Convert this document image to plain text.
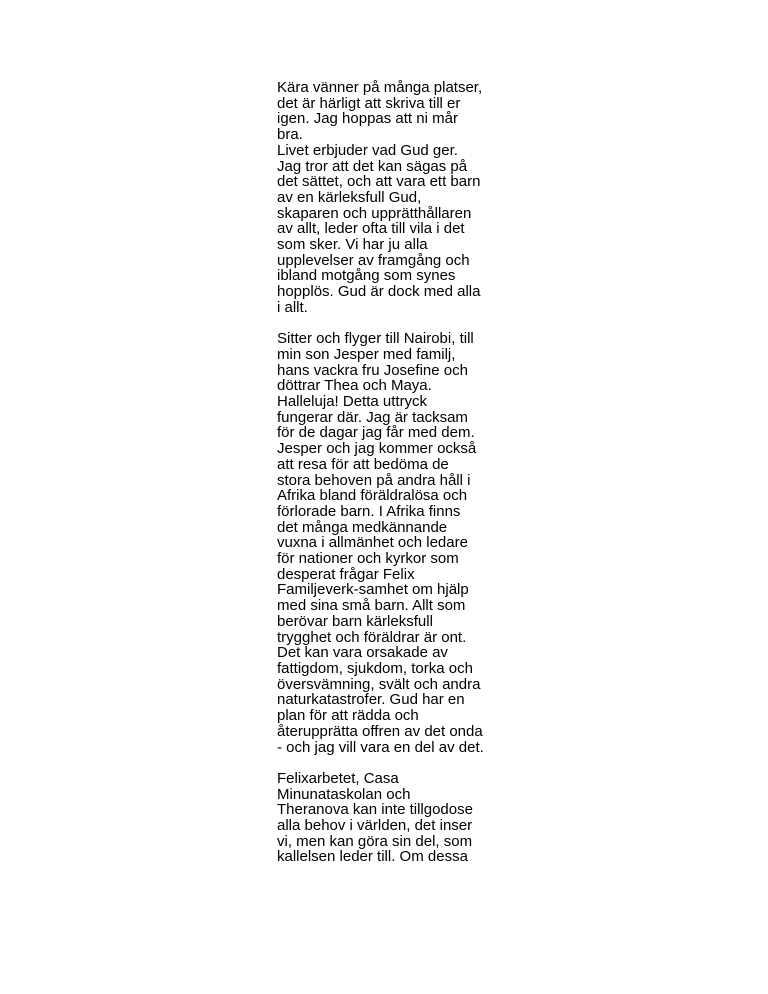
Kära vänner på många platser,
det är härligt att skriva till er
igen. Jag hoppas att ni mår
bra.
Livet erbjuder vad Gud ger.
Jag tror att det kan sägas på
det sättet, och att vara ett barn
av en kärleksfull Gud,
skaparen och upprätthållaren
av allt, leder ofta till vila i det
som sker. Vi har ju alla
upplevelser av framgång och
ibland motgång som synes
hopplös. Gud är dock med alla
i allt.

Sitter och flyger till Nairobi, till
min son Jesper med familj,
hans vackra fru Josefine och
döttrar Thea och Maya.
Halleluja! Detta uttryck
fungerar där. Jag är tacksam
för de dagar jag får med dem.
Jesper och jag kommer också
att resa för att bedöma de
stora behoven på andra håll i
Afrika bland föräldralösa och
förlorade barn. I Afrika finns
det många medkännande
vuxna i allmänhet och ledare
för nationer och kyrkor som
desperat frågar Felix
Familjeverk-samhet om hjälp
med sina små barn. Allt som
berövar barn kärleksfull
trygghet och föräldrar är ont.
Det kan vara orsakade av
fattigdom, sjukdom, torka och
översvämning, svält och andra
naturkatastrofer. Gud har en
plan för att rädda och
återupprätta offren av det onda
- och jag vill vara en del av det.

Felixarbetet, Casa
Minunataskolan och
Theranova kan inte tillgodose
alla behov i världen, det inser
vi, men kan göra sin del, som
kallelsen leder till. Om dessa
